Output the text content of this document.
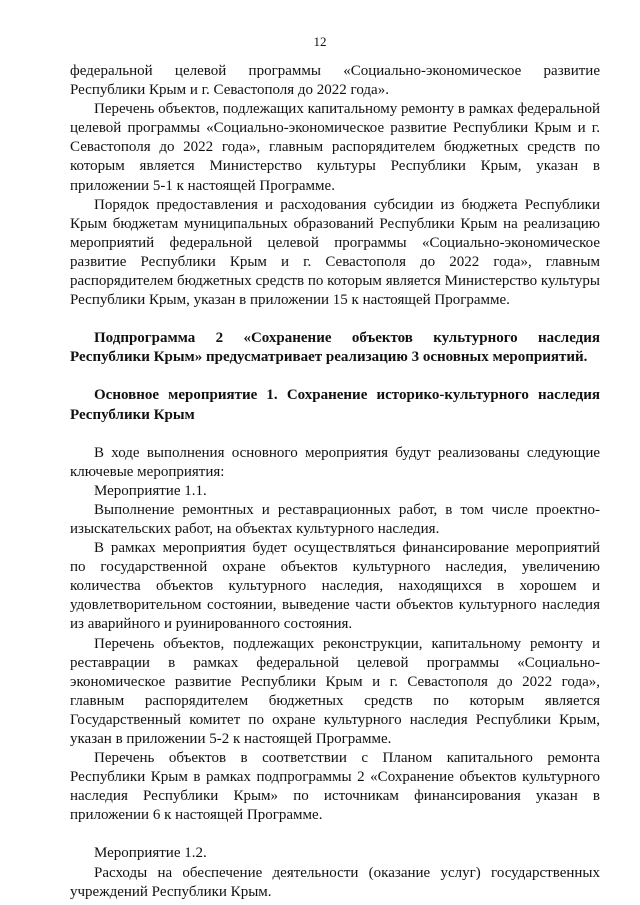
12

федеральной целевой программы «Социально-экономическое развитие Республики Крым и г. Севастополя до 2022 года».

Перечень объектов, подлежащих капитальному ремонту в рамках федеральной целевой программы «Социально-экономическое развитие Республики Крым и г. Севастополя до 2022 года», главным распорядителем бюджетных средств по которым является Министерство культуры Республики Крым, указан в приложении 5-1 к настоящей Программе.

Порядок предоставления и расходования субсидии из бюджета Республики Крым бюджетам муниципальных образований Республики Крым на реализацию мероприятий федеральной целевой программы «Социально-экономическое развитие Республики Крым и г. Севастополя до 2022 года», главным распорядителем бюджетных средств по которым является Министерство культуры Республики Крым, указан в приложении 15 к настоящей Программе.

Подпрограмма 2 «Сохранение объектов культурного наследия Республики Крым» предусматривает реализацию 3 основных мероприятий.

Основное мероприятие 1. Сохранение историко-культурного наследия Республики Крым

В ходе выполнения основного мероприятия будут реализованы следующие ключевые мероприятия:

Мероприятие 1.1.

Выполнение ремонтных и реставрационных работ, в том числе проектно-изыскательских работ, на объектах культурного наследия.

В рамках мероприятия будет осуществляться финансирование мероприятий по государственной охране объектов культурного наследия, увеличению количества объектов культурного наследия, находящихся в хорошем и удовлетворительном состоянии, выведение части объектов культурного наследия из аварийного и руинированного состояния.

Перечень объектов, подлежащих реконструкции, капитальному ремонту и реставрации в рамках федеральной целевой программы «Социально-экономическое развитие Республики Крым и г. Севастополя до 2022 года», главным распорядителем бюджетных средств по которым является Государственный комитет по охране культурного наследия Республики Крым, указан в приложении 5-2 к настоящей Программе.

Перечень объектов в соответствии с Планом капитального ремонта Республики Крым в рамках подпрограммы 2 «Сохранение объектов культурного наследия Республики Крым» по источникам финансирования указан в приложении 6 к настоящей Программе.

Мероприятие 1.2.

Расходы на обеспечение деятельности (оказание услуг) государственных учреждений Республики Крым.
